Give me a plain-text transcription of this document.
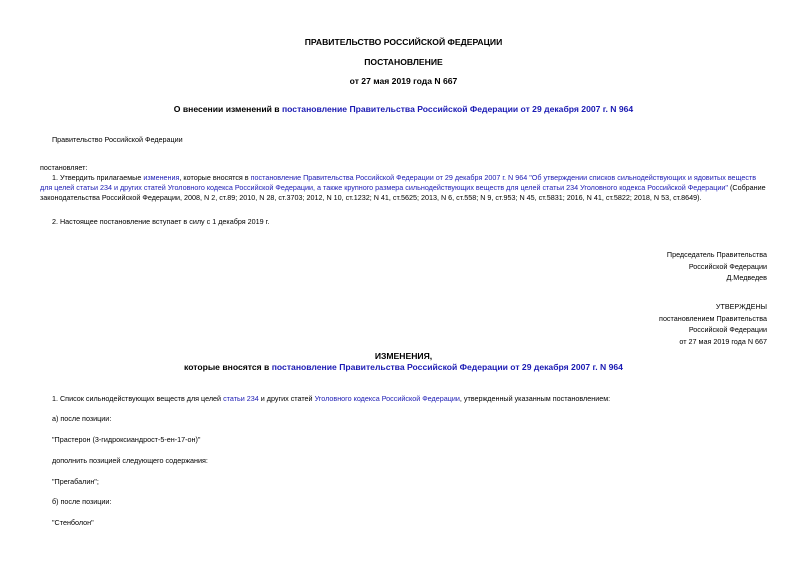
ПРАВИТЕЛЬСТВО РОССИЙСКОЙ ФЕДЕРАЦИИ
ПОСТАНОВЛЕНИЕ
от 27 мая 2019 года N 667
О внесении изменений в постановление Правительства Российской Федерации от 29 декабря 2007 г. N 964
Правительство Российской Федерации
постановляет:
1. Утвердить прилагаемые изменения, которые вносятся в постановление Правительства Российской Федерации от 29 декабря 2007 г. N 964 "Об утверждении списков сильнодействующих и ядовитых веществ для целей статьи 234 и других статей Уголовного кодекса Российской Федерации, а также крупного размера сильнодействующих веществ для целей статьи 234 Уголовного кодекса Российской Федерации" (Собрание законодательства Российской Федерации, 2008, N 2, ст.89; 2010, N 28, ст.3703; 2012, N 10, ст.1232; N 41, ст.5625; 2013, N 6, ст.558; N 9, ст.953; N 45, ст.5831; 2016, N 41, ст.5822; 2018, N 53, ст.8649).
2. Настоящее постановление вступает в силу с 1 декабря 2019 г.
Председатель Правительства
Российской Федерации
Д.Медведев
УТВЕРЖДЕНЫ
постановлением Правительства
Российской Федерации
от 27 мая 2019 года N 667
ИЗМЕНЕНИЯ,
которые вносятся в постановление Правительства Российской Федерации от 29 декабря 2007 г. N 964
1. Список сильнодействующих веществ для целей статьи 234 и других статей Уголовного кодекса Российской Федерации, утвержденный указанным постановлением:
а) после позиции:
"Прастерон (3-гидроксиандрост-5-ен-17-он)"
дополнить позицией следующего содержания:
"Прегабалин";
б) после позиции:
"Стенболон"
